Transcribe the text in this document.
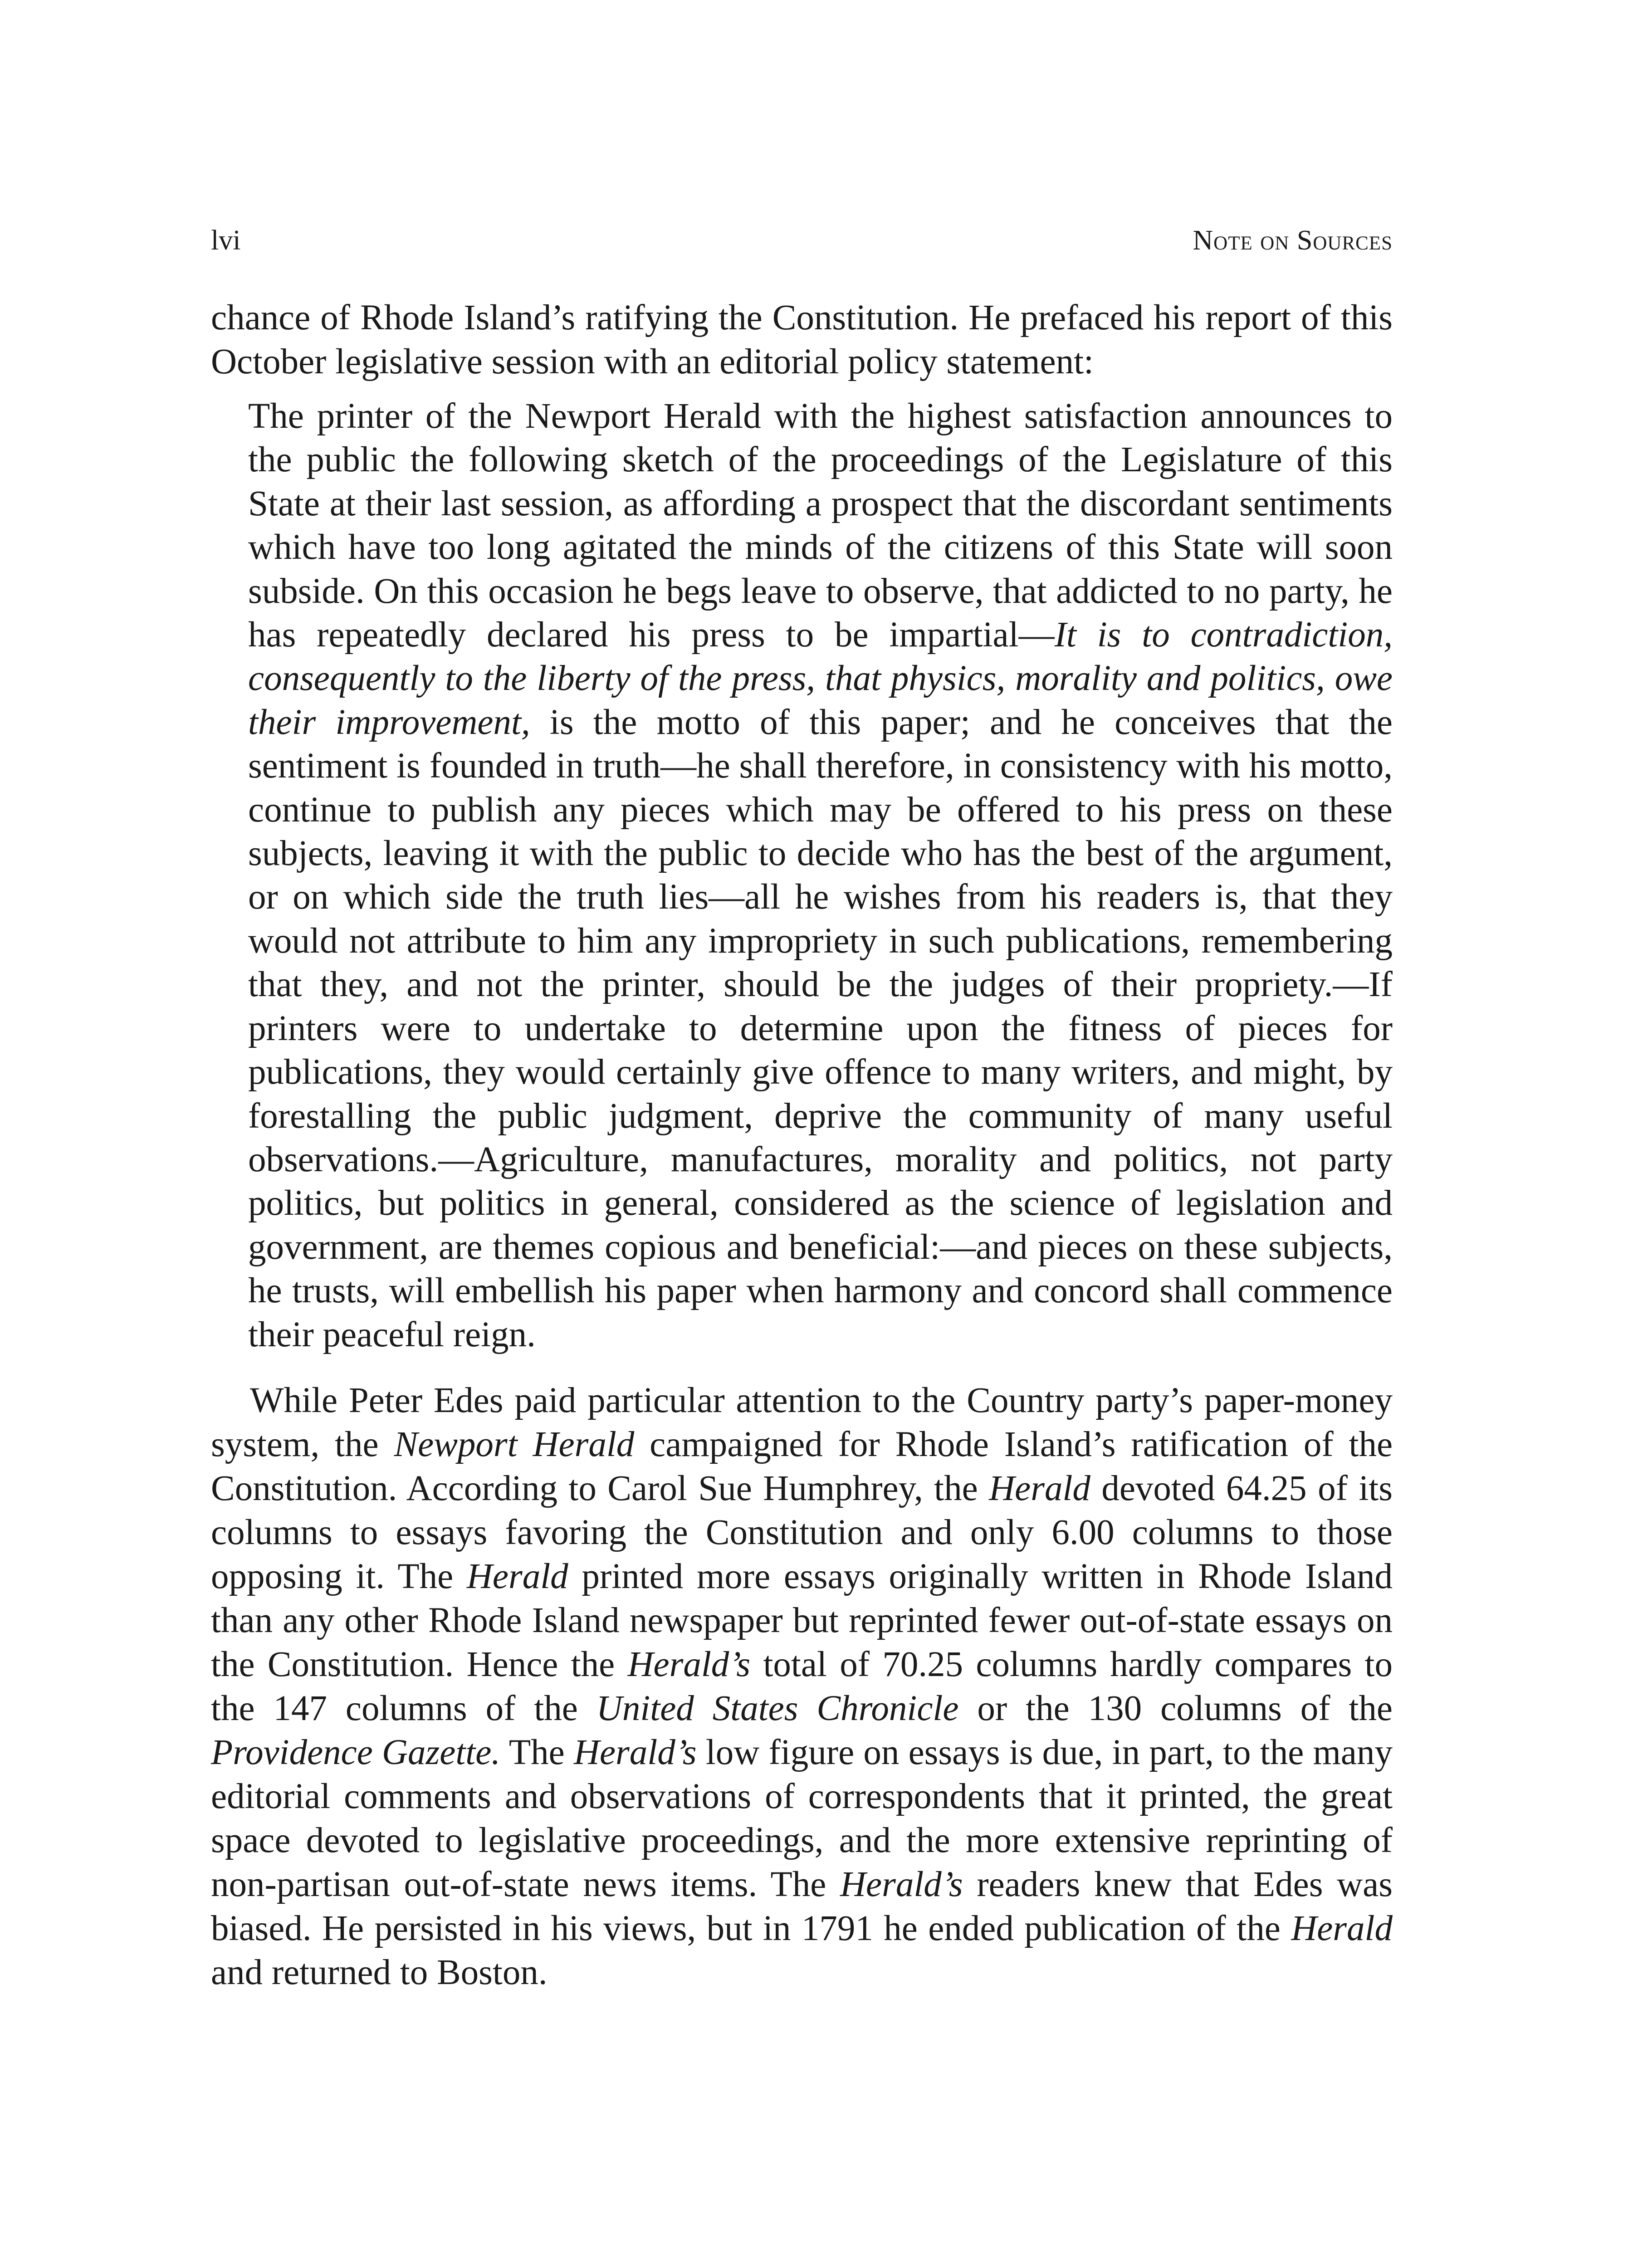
lvi	Note on Sources

chance of Rhode Island’s ratifying the Constitution. He prefaced his report of this October legislative session with an editorial policy statement:

The printer of the Newport Herald with the highest satisfaction announces to the public the following sketch of the proceedings of the Legislature of this State at their last session, as affording a prospect that the discordant sentiments which have too long agitated the minds of the citizens of this State will soon subside. On this occasion he begs leave to observe, that addicted to no party, he has repeatedly declared his press to be impartial—It is to contradiction, consequently to the liberty of the press, that physics, morality and politics, owe their improvement, is the motto of this paper; and he conceives that the sentiment is founded in truth—he shall therefore, in consistency with his motto, continue to publish any pieces which may be offered to his press on these subjects, leaving it with the public to decide who has the best of the argument, or on which side the truth lies—all he wishes from his readers is, that they would not attribute to him any impropriety in such publications, remembering that they, and not the printer, should be the judges of their propriety.—If printers were to undertake to determine upon the fitness of pieces for publications, they would certainly give offence to many writers, and might, by forestalling the public judgment, deprive the community of many useful observations.—Agriculture, manufactures, morality and politics, not party politics, but politics in general, considered as the science of legislation and government, are themes copious and beneficial:—and pieces on these subjects, he trusts, will embellish his paper when harmony and concord shall commence their peaceful reign.

While Peter Edes paid particular attention to the Country party’s paper-money system, the Newport Herald campaigned for Rhode Island’s ratification of the Constitution. According to Carol Sue Humphrey, the Herald devoted 64.25 of its columns to essays favoring the Constitution and only 6.00 columns to those opposing it. The Herald printed more essays originally written in Rhode Island than any other Rhode Island newspaper but reprinted fewer out-of-state essays on the Constitution. Hence the Herald’s total of 70.25 columns hardly compares to the 147 columns of the United States Chronicle or the 130 columns of the Providence Gazette. The Herald’s low figure on essays is due, in part, to the many editorial comments and observations of correspondents that it printed, the great space devoted to legislative proceedings, and the more extensive reprinting of non-partisan out-of-state news items. The Herald’s readers knew that Edes was biased. He persisted in his views, but in 1791 he ended publication of the Herald and returned to Boston.
